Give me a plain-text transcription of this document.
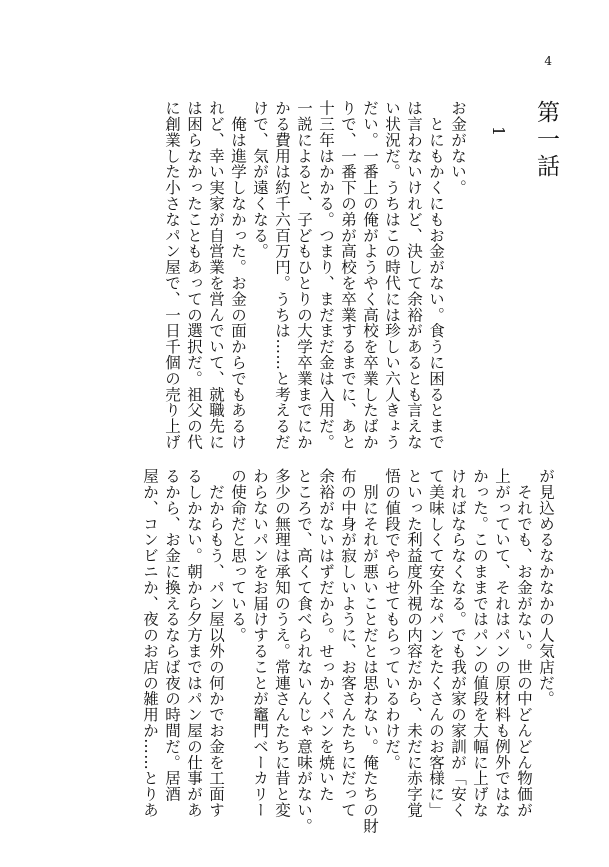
4
第一話
1
お金がない。
　とにもかくにもお金がない。食うに困るとまで
は言わないけれど、決して余裕があるとも言えな
い状況だ。うちはこの時代には珍しい六人きょう
だい。一番上の俺がようやく高校を卒業したばか
りで、一番下の弟が高校を卒業するまでに、あと
十三年はかかる。つまり、まだまだ金は入用だ。
一説によると、子どもひとりの大学卒業までにか
かる費用は約千六百万円。うちは……と考えるだ
けで、気が遠くなる。
　俺は進学しなかった。お金の面からでもあるけ
れど、幸い実家が自営業を営んでいて、就職先に
は困らなかったこともあっての選択だ。祖父の代
に創業した小さなパン屋で、一日千個の売り上げ
が見込めるなかなかの人気店だ。
　それでも、お金がない。世の中どんどん物価が
上がっていて、それはパンの原材料も例外ではな
かった。このままではパンの値段を大幅に上げな
ければならなくなる。でも我が家の家訓が「安く
て美味しくて安全なパンをたくさんのお客様に」
といった利益度外視の内容だから、未だに赤字覚
悟の値段でやらせてもらっているわけだ。
　別にそれが悪いことだとは思わない。俺たちの財
布の中身が寂しいように、お客さんたちにだって
余裕がないはずだから。せっかくパンを焼いた
ところで、高くて食べられないんじゃ意味がない。
多少の無理は承知のうえ。常連さんたちに昔と変
わらないパンをお届けすることが竈門ベーカリー
の使命だと思っている。
　だからもう、パン屋以外の何かでお金を工面す
るしかない。朝から夕方まではパン屋の仕事があ
るから、お金に換えるならば夜の時間だ。居酒
屋か、コンビニか、夜のお店の雑用か……とりあ
